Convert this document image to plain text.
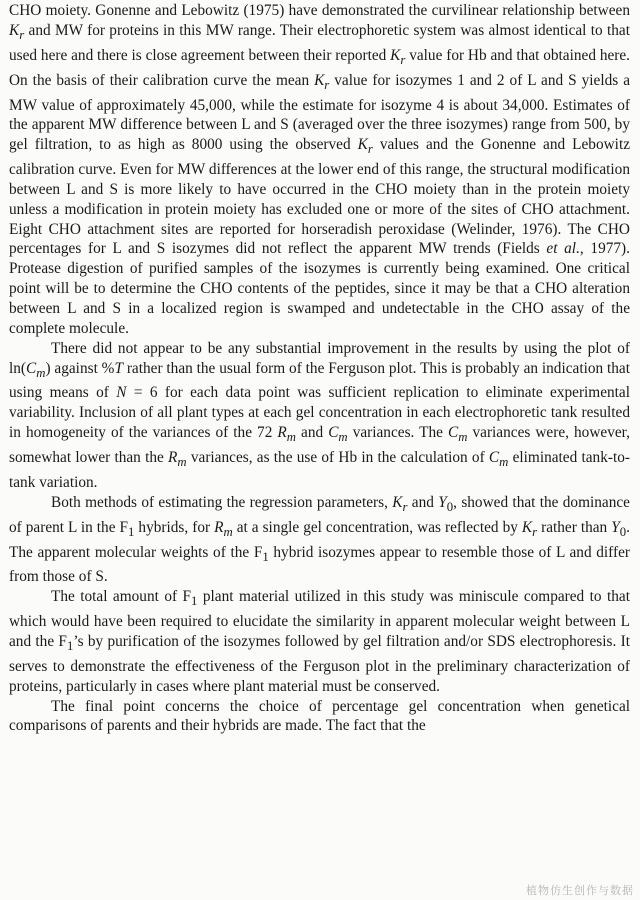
CHO moiety. Gonenne and Lebowitz (1975) have demonstrated the curvilinear relationship between $K_r$ and MW for proteins in this MW range. Their electrophoretic system was almost identical to that used here and there is close agreement between their reported $K_r$ value for Hb and that obtained here. On the basis of their calibration curve the mean $K_r$ value for isozymes 1 and 2 of L and S yields a MW value of approximately 45,000, while the estimate for isozyme 4 is about 34,000. Estimates of the apparent MW difference between L and S (averaged over the three isozymes) range from 500, by gel filtration, to as high as 8000 using the observed $K_r$ values and the Gonenne and Lebowitz calibration curve. Even for MW differences at the lower end of this range, the structural modification between L and S is more likely to have occurred in the CHO moiety than in the protein moiety unless a modification in protein moiety has excluded one or more of the sites of CHO attachment. Eight CHO attachment sites are reported for horseradish peroxidase (Welinder, 1976). The CHO percentages for L and S isozymes did not reflect the apparent MW trends (Fields et al., 1977). Protease digestion of purified samples of the isozymes is currently being examined. One critical point will be to determine the CHO contents of the peptides, since it may be that a CHO alteration between L and S in a localized region is swamped and undetectable in the CHO assay of the complete molecule.

There did not appear to be any substantial improvement in the results by using the plot of $\ln(C_m)$ against %T rather than the usual form of the Ferguson plot. This is probably an indication that using means of N = 6 for each data point was sufficient replication to eliminate experimental variability. Inclusion of all plant types at each gel concentration in each electrophoretic tank resulted in homogeneity of the variances of the 72 $R_m$ and $C_m$ variances. The $C_m$ variances were, however, somewhat lower than the $R_m$ variances, as the use of Hb in the calculation of $C_m$ eliminated tank-to-tank variation.

Both methods of estimating the regression parameters, $K_r$ and $Y_0$, showed that the dominance of parent L in the $F_1$ hybrids, for $R_m$ at a single gel concentration, was reflected by $K_r$ rather than $Y_0$. The apparent molecular weights of the $F_1$ hybrid isozymes appear to resemble those of L and differ from those of S.

The total amount of $F_1$ plant material utilized in this study was miniscule compared to that which would have been required to elucidate the similarity in apparent molecular weight between L and the $F_1’s$ by purification of the isozymes followed by gel filtration and/or SDS electrophoresis. It serves to demonstrate the effectiveness of the Ferguson plot in the preliminary characterization of proteins, particularly in cases where plant material must be conserved.

The final point concerns the choice of percentage gel concentration when genetical comparisons of parents and their hybrids are made. The fact that the

植物仿生创作与数据
